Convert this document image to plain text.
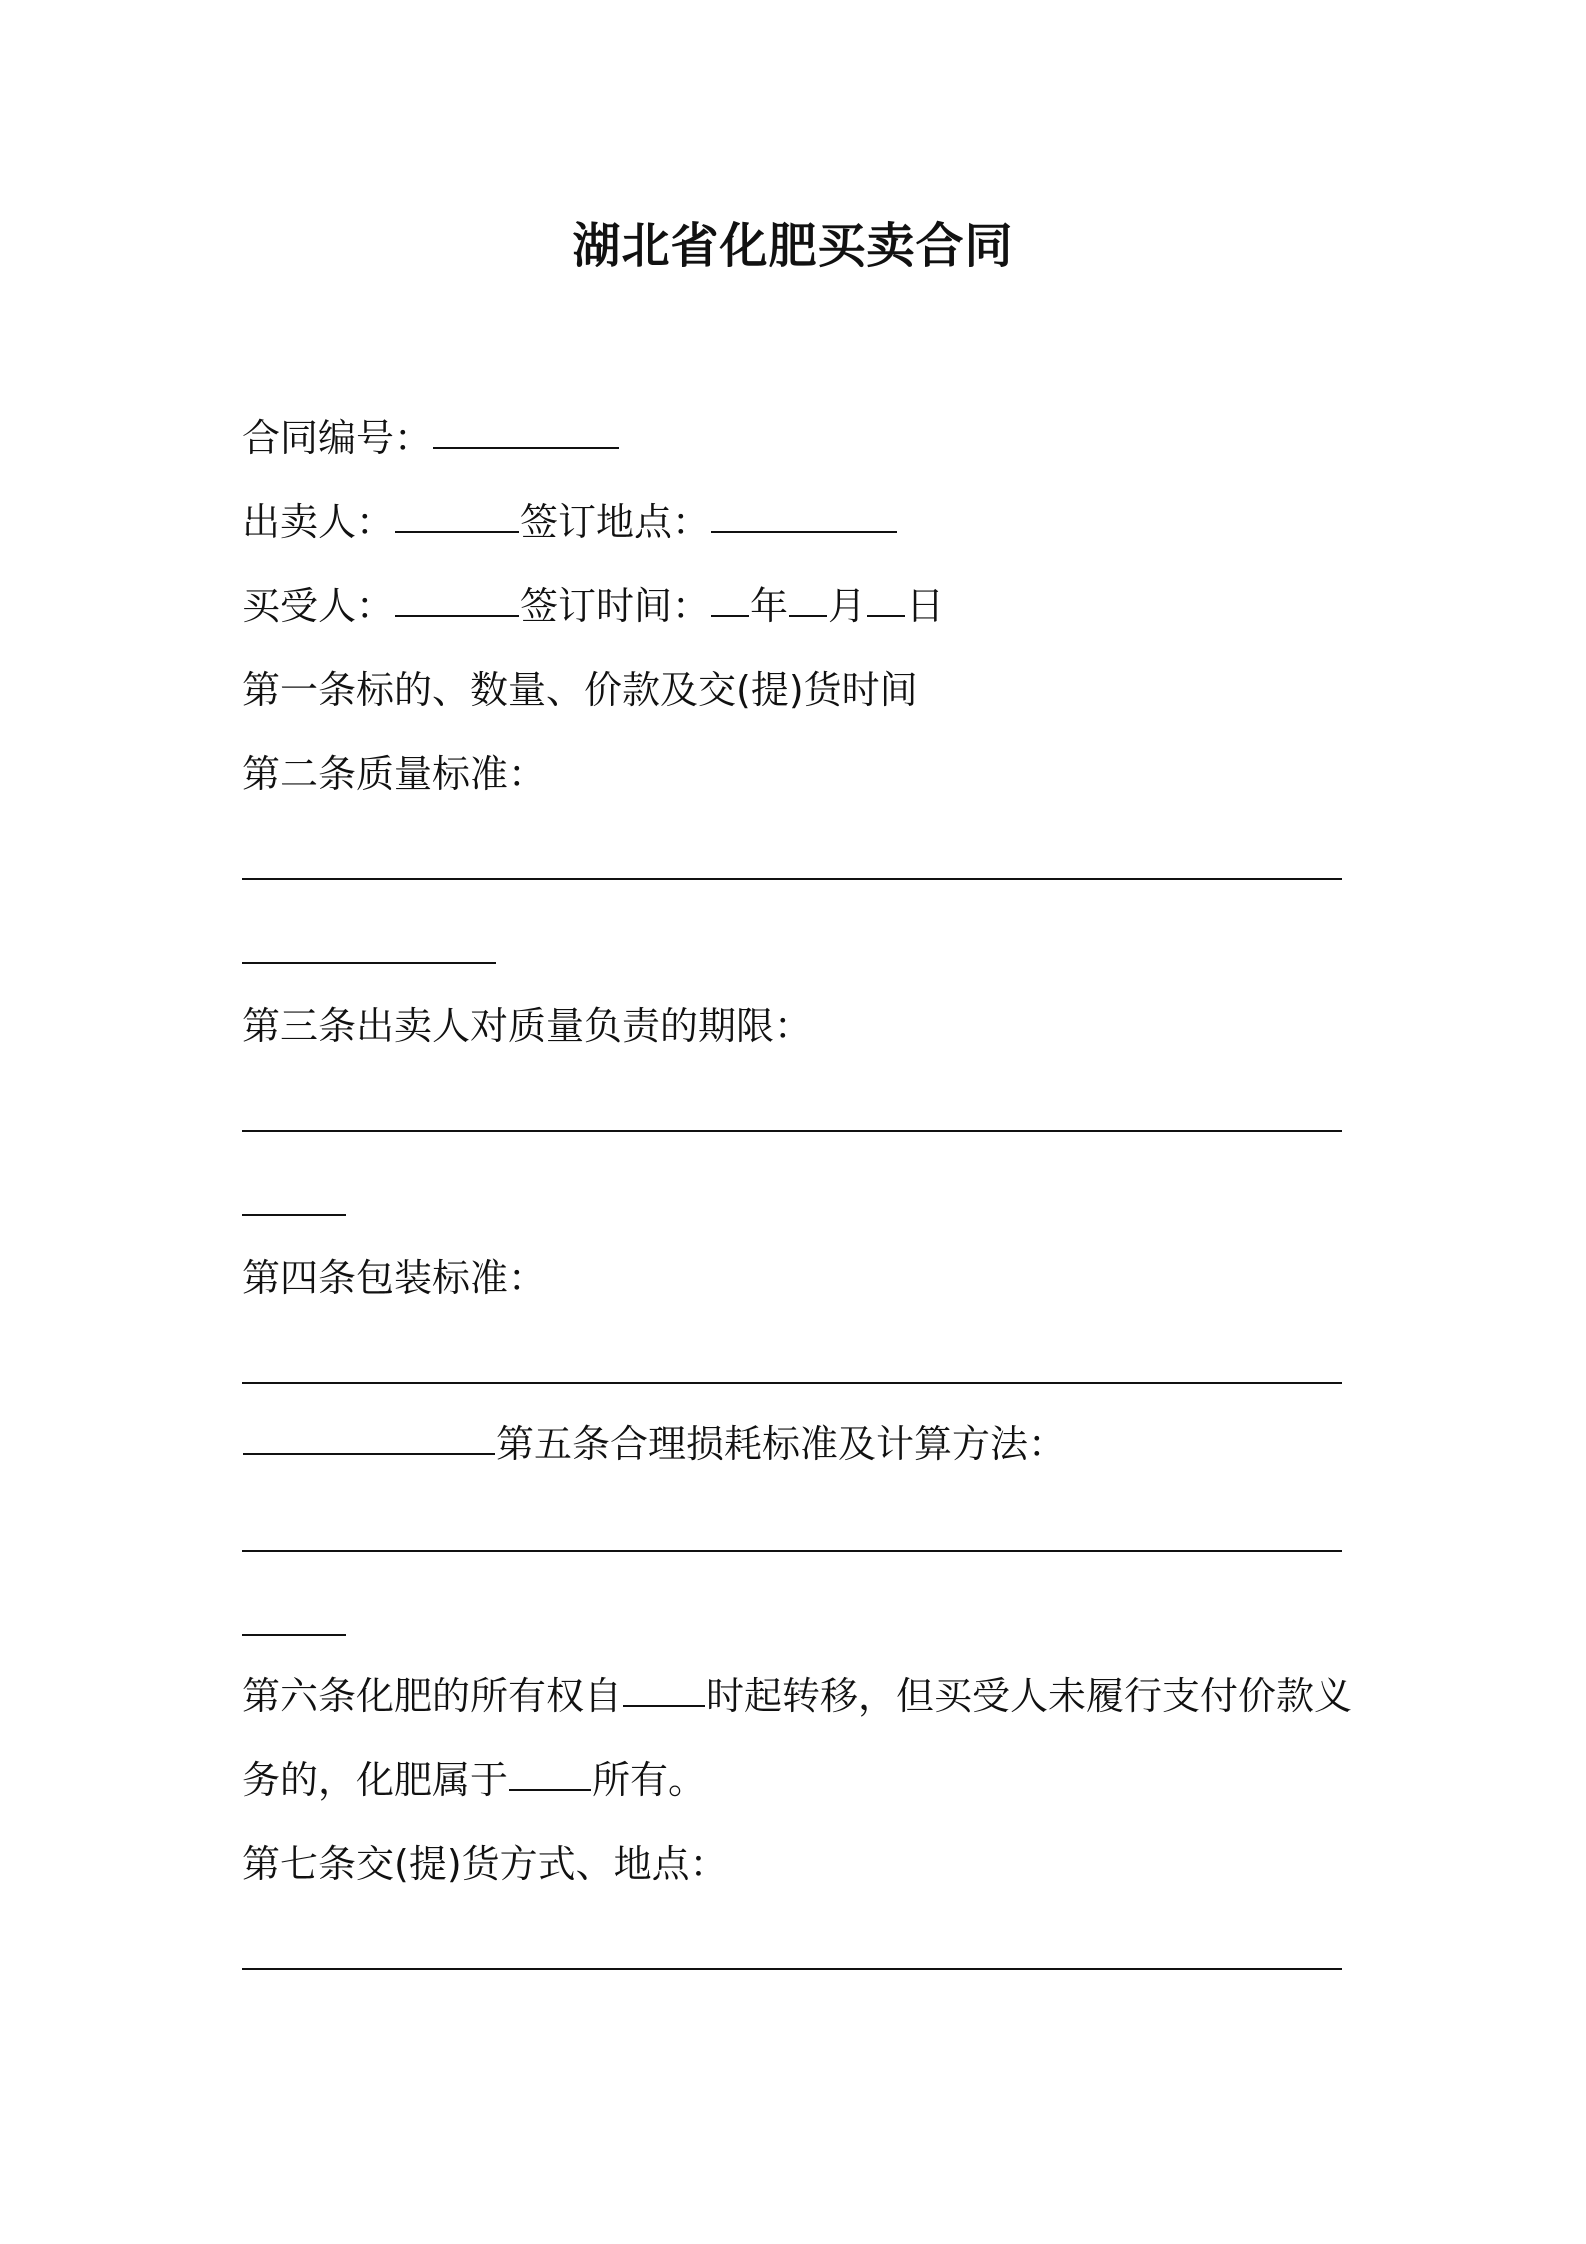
湖北省化肥买卖合同

合同编号：

出卖人：	签订地点：

买受人：	签订时间： 年 月 日

第一条标的、数量、价款及交(提)货时间

第二条质量标准：

第三条出卖人对质量负责的期限：

第四条包装标准：

第五条合理损耗标准及计算方法：

第六条化肥的所有权自 时起转移，但买受人未履行支付价款义

务的，化肥属于 所有。

第七条交(提)货方式、地点：
